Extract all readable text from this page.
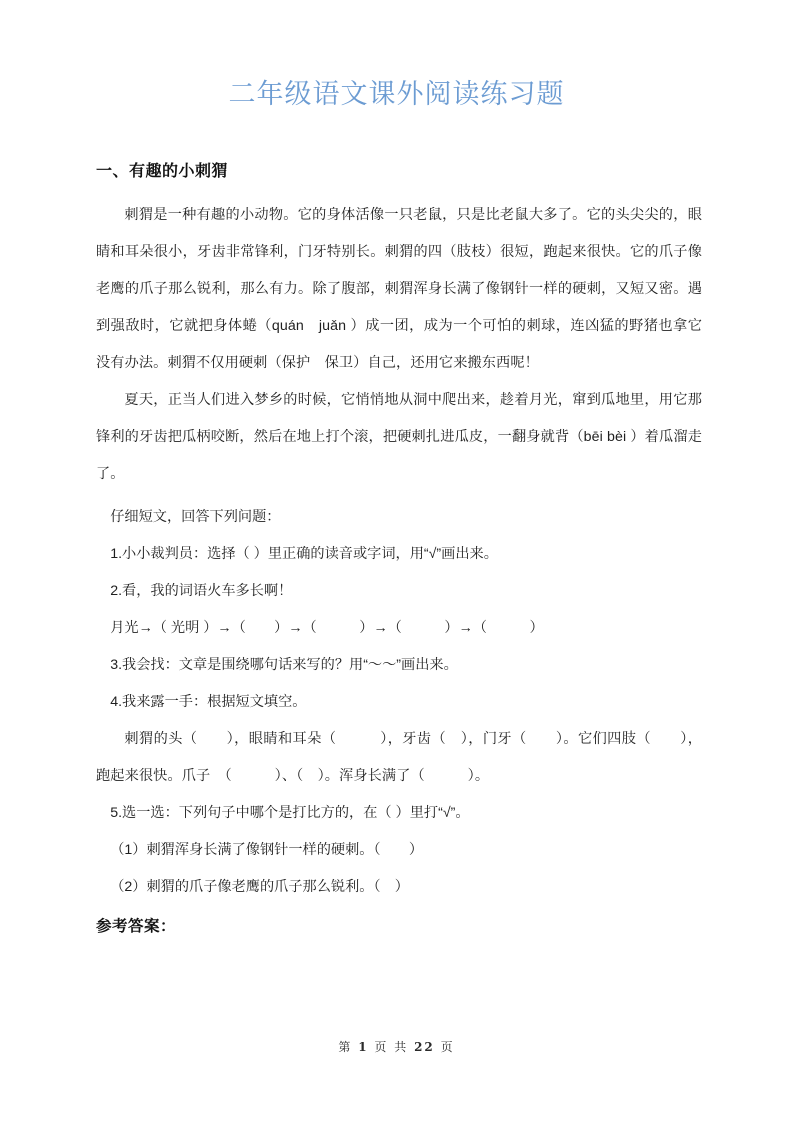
二年级语文课外阅读练习题
一、有趣的小刺猬

刺猬是一种有趣的小动物。它的身体活像一只老鼠，只是比老鼠大多了。它的头尖尖的，眼睛和耳朵很小，牙齿非常锋利，门牙特别长。刺猬的四（肢枝）很短，跑起来很快。它的爪子像老鹰的爪子那么锐利，那么有力。除了腹部，刺猬浑身长满了像钢针一样的硬刺，又短又密。遇到强敌时，它就把身体蜷（quán　juǎn ）成一团，成为一个可怕的刺球，连凶猛的野猪也拿它没有办法。刺猬不仅用硬刺（保护　保卫）自己，还用它来搬东西呢！

夏天，正当人们进入梦乡的时候，它悄悄地从洞中爬出来，趁着月光，窜到瓜地里，用它那锋利的牙齿把瓜柄咬断，然后在地上打个滚，把硬刺扎进瓜皮，一翻身就背（bēi bèi ）着瓜溜走了。

仔细短文，回答下列问题：

1.小小裁判员：选择（ ）里正确的读音或字词，用“√”画出来。

2.看，我的词语火车多长啊！

月光→（ 光明 ）→（　　）→（　　　）→（　　　）→（　　　）

3.我会找：文章是围绕哪句话来写的？用“～～”画出来。

4.我来露一手：根据短文填空。

刺猬的头（　　），眼睛和耳朵（　　　），牙齿（　），门牙（　　）。它们四肢（　　），跑起来很快。爪子　（　　　）、（　）。浑身长满了（　　　）。

5.选一选：下列句子中哪个是打比方的，在（ ）里打“√”。

（1）刺猬浑身长满了像钢针一样的硬刺。（　　）

（2）刺猬的爪子像老鹰的爪子那么锐利。（　）

参考答案：
第 1 页 共 22 页
